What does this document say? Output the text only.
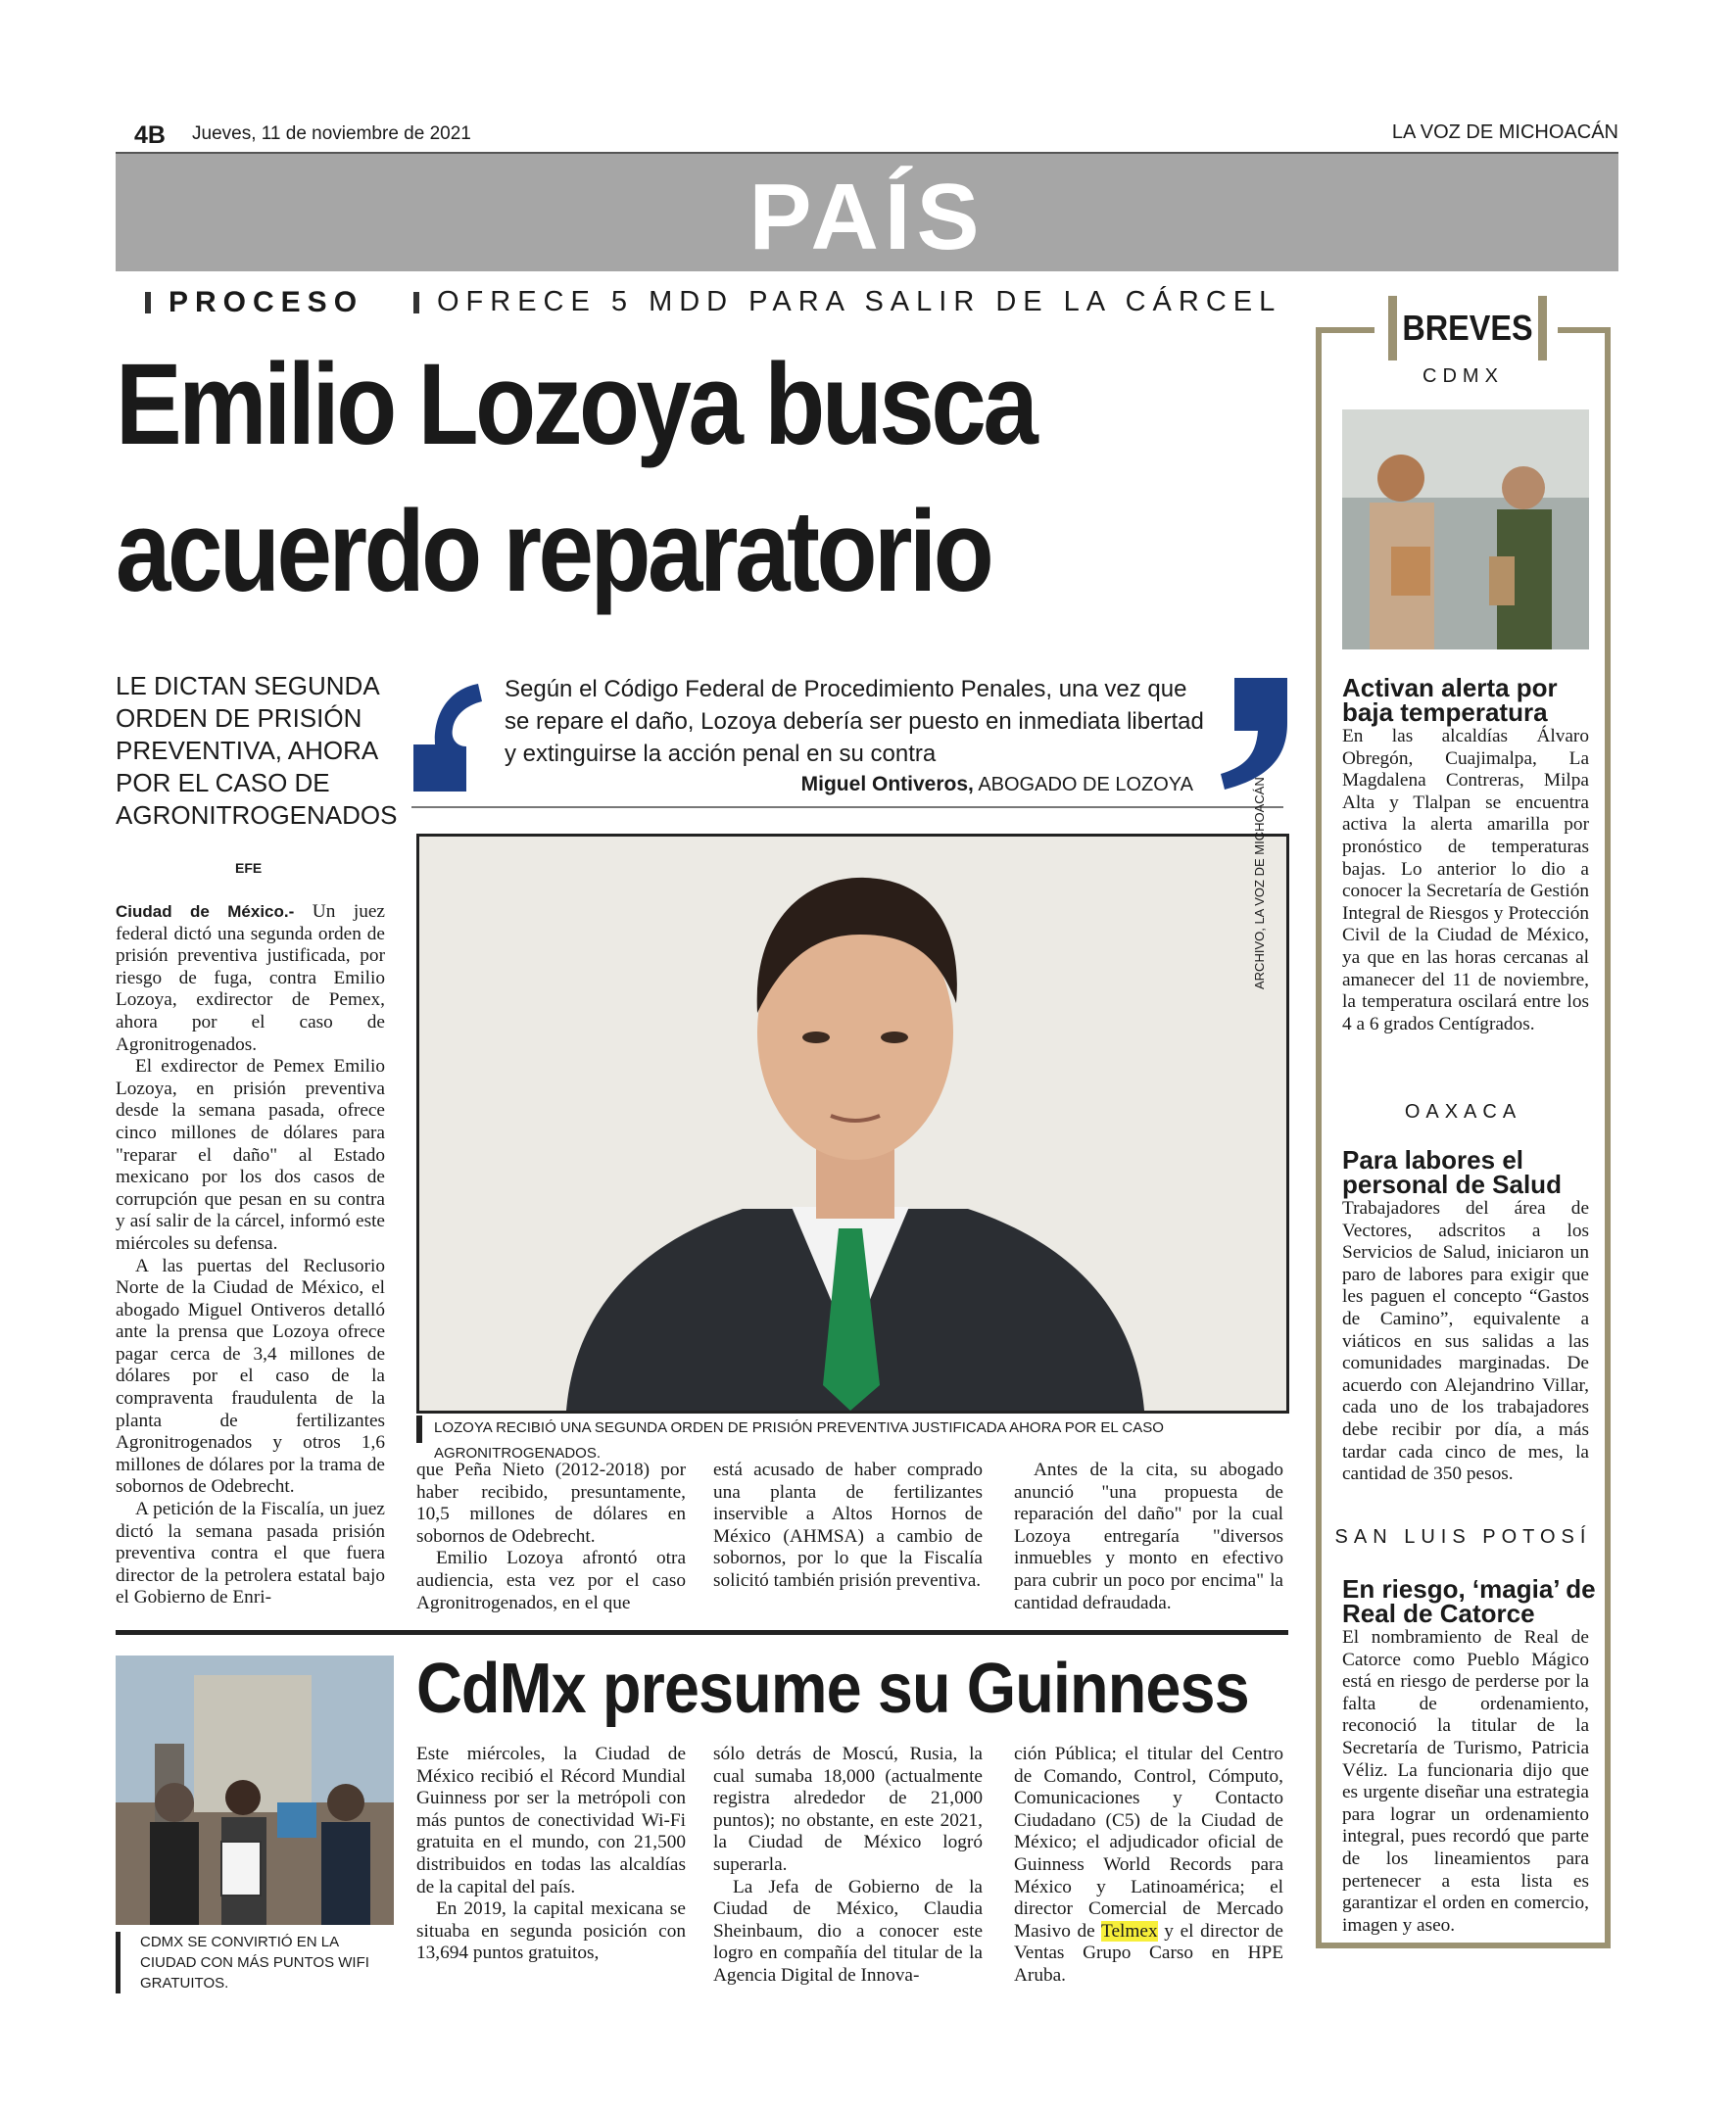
4B Jueves, 11 de noviembre de 2021	LA VOZ DE MICHOACÁN
PAÍS
PROCESO	OFRECE 5 MDD PARA SALIR DE LA CÁRCEL
Emilio Lozoya busca
acuerdo reparatorio
LE DICTAN SEGUNDA ORDEN DE PRISIÓN PREVENTIVA, AHORA POR EL CASO DE AGRONITROGENADOS
EFE
Según el Código Federal de Procedimiento Penales, una vez que se repare el daño, Lozoya debería ser puesto en inmediata libertad y extinguirse la acción penal en su contra
Miguel Ontiveros, ABOGADO DE LOZOYA	ARCHIVO, LA VOZ DE MICHOACÁN
LOZOYA RECIBIÓ UNA SEGUNDA ORDEN DE PRISIÓN PREVENTIVA JUSTIFICADA AHORA POR EL CASO AGRONITROGENADOS.

Ciudad de México.- Un juez federal dictó una segunda orden de prisión preventiva justificada, por riesgo de fuga, contra Emilio Lozoya, exdirector de Pemex, ahora por el caso de Agronitrogenados.

El exdirector de Pemex Emilio Lozoya, en prisión preventiva desde la semana pasada, ofrece cinco millones de dólares para "reparar el daño" al Estado mexicano por los dos casos de corrupción que pesan en su contra y así salir de la cárcel, informó este miércoles su defensa.

A las puertas del Reclusorio Norte de la Ciudad de México, el abogado Miguel Ontiveros detalló ante la prensa que Lozoya ofrece pagar cerca de 3,4 millones de dólares por el caso de la compraventa fraudulenta de la planta de fertilizantes Agronitrogenados y otros 1,6 millones de dólares por la trama de sobornos de Odebrecht.

A petición de la Fiscalía, un juez dictó la semana pasada prisión preventiva contra el que fuera director de la petrolera estatal bajo el Gobierno de Enri-

que Peña Nieto (2012-2018) por haber recibido, presuntamente, 10,5 millones de dólares en sobornos de Odebrecht.

Emilio Lozoya afrontó otra audiencia, esta vez por el caso Agronitrogenados, en el que

está acusado de haber comprado una planta de fertilizantes inservible a Altos Hornos de México (AHMSA) a cambio de sobornos, por lo que la Fiscalía solicitó también prisión preventiva.

Antes de la cita, su abogado anunció "una propuesta de reparación del daño" por la cual Lozoya entregaría "diversos inmuebles y monto en efectivo para cubrir un poco por encima" la cantidad defraudada.

CDMX SE CONVIRTIÓ EN LA CIUDAD CON MÁS PUNTOS WIFI GRATUITOS.
CdMx presume su Guinness

Este miércoles, la Ciudad de México recibió el Récord Mundial Guinness por ser la metrópoli con más puntos de conectividad Wi-Fi gratuita en el mundo, con 21,500 distribuidos en todas las alcaldías de la capital del país.

En 2019, la capital mexicana se situaba en segunda posición con 13,694 puntos gratuitos,

sólo detrás de Moscú, Rusia, la cual sumaba 18,000 (actualmente registra alrededor de 21,000 puntos); no obstante, en este 2021, la Ciudad de México logró superarla.

La Jefa de Gobierno de la Ciudad de México, Claudia Sheinbaum, dio a conocer este logro en compañía del titular de la Agencia Digital de Innova-

ción Pública; el titular del Centro de Comando, Control, Cómputo, Comunicaciones y Contacto Ciudadano (C5) de la Ciudad de México; el adjudicador oficial de Guinness World Records para México y Latinoamérica; el director Comercial de Mercado Masivo de Telmex y el director de Ventas Grupo Carso en HPE Aruba.

BREVES
CDMX
Activan alerta por baja temperatura
En las alcaldías Álvaro Obregón, Cuajimalpa, La Magdalena Contreras, Milpa Alta y Tlalpan se encuentra activa la alerta amarilla por pronóstico de temperaturas bajas. Lo anterior lo dio a conocer la Secretaría de Gestión Integral de Riesgos y Protección Civil de la Ciudad de México, ya que en las horas cercanas al amanecer del 11 de noviembre, la temperatura oscilará entre los 4 a 6 grados Centígrados.
OAXACA
Para labores el personal de Salud
Trabajadores del área de Vectores, adscritos a los Servicios de Salud, iniciaron un paro de labores para exigir que les paguen el concepto “Gastos de Camino”, equivalente a viáticos en sus salidas a las comunidades marginadas. De acuerdo con Alejandrino Villar, cada uno de los trabajadores debe recibir por día, a más tardar cada cinco de mes, la cantidad de 350 pesos.
SAN LUIS POTOSÍ
En riesgo, ‘magia’ de Real de Catorce
El nombramiento de Real de Catorce como Pueblo Mágico está en riesgo de perderse por la falta de ordenamiento, reconoció la titular de la Secretaría de Turismo, Patricia Véliz. La funcionaria dijo que es urgente diseñar una estrategia para lograr un ordenamiento integral, pues recordó que parte de los lineamientos para pertenecer a esta lista es garantizar el orden en comercio, imagen y aseo.
